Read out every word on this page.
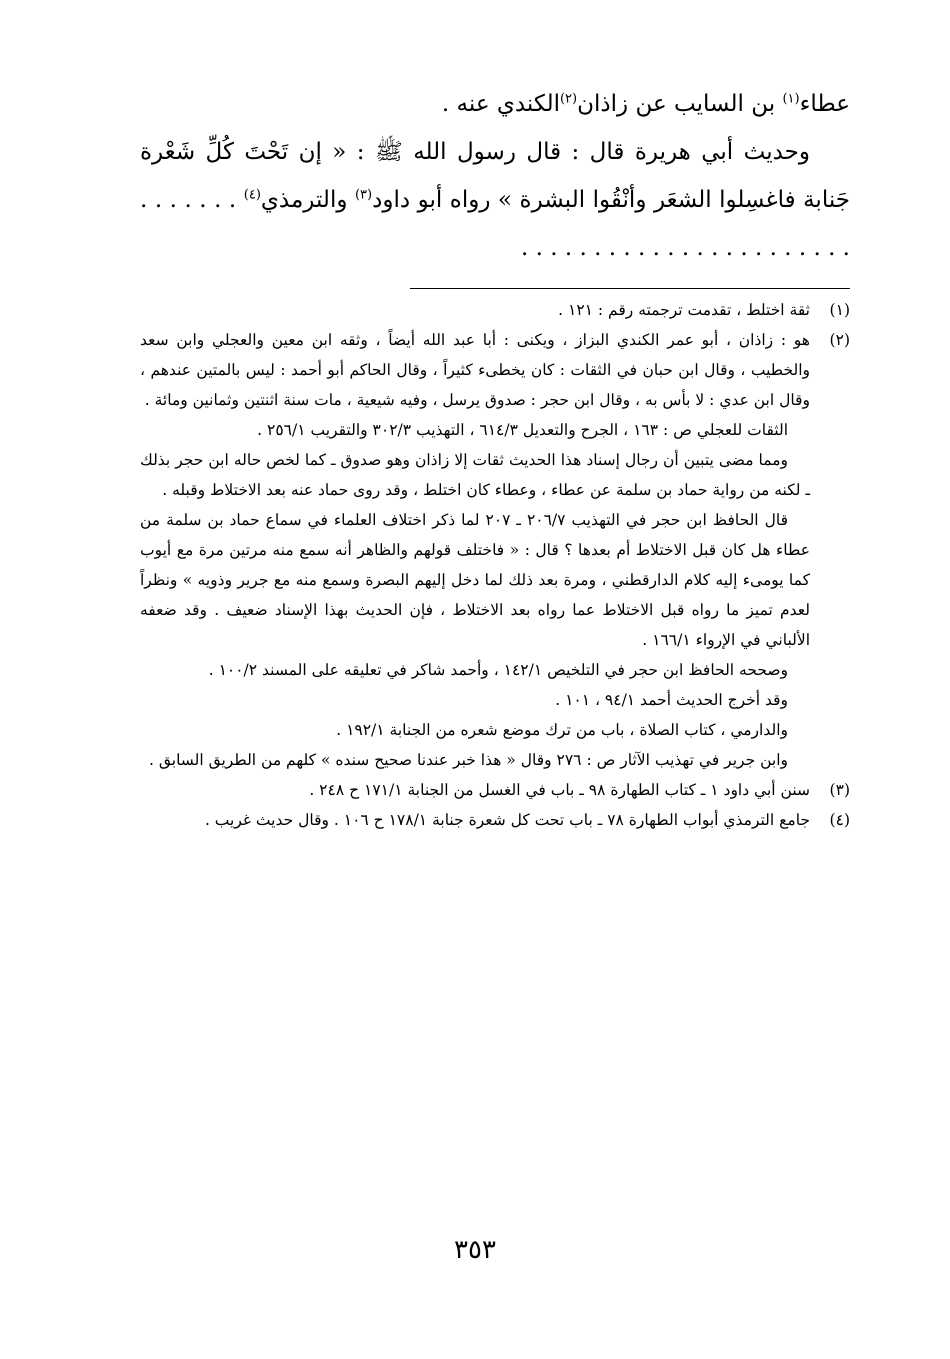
عطاء$^{(١)}$ بن السايب عن زاذان$^{(٢)}$الكندي عنه .

وحديث أبي هريرة قال : قال رسول الله ﷺ : « إن تَحْتَ كُلِّ شَعْرة جَنابة فاغسِلوا الشعَر وأنْقُوا البشرة » رواه أبو داود$^{(٣)}$ والترمذي$^{(٤)}$ . . . . . . . . . . . . . . . . . . . . . . . . . . . . . .

(١)

ثقة اختلط ، تقدمت ترجمته رقم : ١٢١ .

(٢)

هو : زاذان ، أبو عمر الكندي البزاز ، ويكنى : أبا عبد الله أيضاً ، وثقه ابن معين والعجلي وابن سعد والخطيب ، وقال ابن حبان في الثقات : كان يخطىء كثيراً ، وقال الحاكم أبو أحمد : ليس بالمتين عندهم ، وقال ابن عدي : لا بأس به ، وقال ابن حجر : صدوق يرسل ، وفيه شيعية ، مات سنة اثنتين وثمانين ومائة .

الثقات للعجلي ص : ١٦٣ ، الجرح والتعديل ٦١٤/٣ ، التهذيب ٣٠٢/٣ والتقريب ٢٥٦/١ .

ومما مضى يتبين أن رجال إسناد هذا الحديث ثقات إلا زاذان وهو صدوق ـ كما لخص حاله ابن حجر بذلك ـ لكنه من رواية حماد بن سلمة عن عطاء ، وعطاء كان اختلط ، وقد روى حماد عنه بعد الاختلاط وقبله .

قال الحافظ ابن حجر في التهذيب ٢٠٦/٧ ـ ٢٠٧ لما ذكر اختلاف العلماء في سماع حماد بن سلمة من عطاء هل كان قبل الاختلاط أم بعدها ؟ قال : « فاختلف قولهم والظاهر أنه سمع منه مرتين مرة مع أيوب كما يومىء إليه كلام الدارقطني ، ومرة بعد ذلك لما دخل إليهم البصرة وسمع منه مع جرير وذويه » ونظراً لعدم تميز ما رواه قبل الاختلاط عما رواه بعد الاختلاط ، فإن الحديث بهذا الإسناد ضعيف . وقد ضعفه الألباني في الإرواء ١٦٦/١ .

وصححه الحافظ ابن حجر في التلخيص ١٤٢/١ ، وأحمد شاكر في تعليقه على المسند ١٠٠/٢ .

وقد أخرج الحديث أحمد ٩٤/١ ، ١٠١ .

والدارمي ، كتاب الصلاة ، باب من ترك موضع شعره من الجنابة ١٩٢/١ .

وابن جرير في تهذيب الآثار ص : ٢٧٦ وقال « هذا خبر عندنا صحيح سنده » كلهم من الطريق السابق .

(٣)

سنن أبي داود ١ ـ كتاب الطهارة ٩٨ ـ باب في الغسل من الجنابة ١٧١/١ ح ٢٤٨ .

(٤)

جامع الترمذي أبواب الطهارة ٧٨ ـ باب تحت كل شعرة جنابة ١٧٨/١ ح ١٠٦ . وقال حديث غريب .

٣٥٣
